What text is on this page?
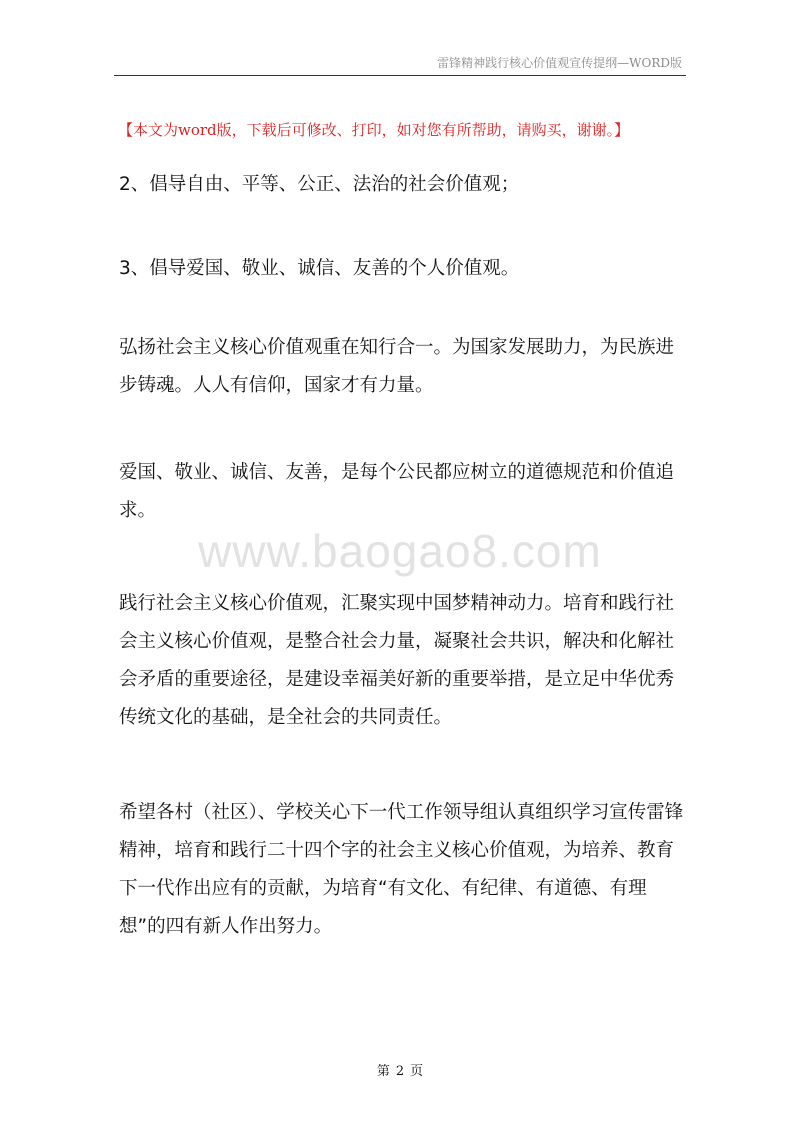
雷锋精神践行核心价值观宣传提纲—WORD版
【本文为word版，下载后可修改、打印，如对您有所帮助，请购买，谢谢。】

2、倡导自由、平等、公正、法治的社会价值观；

3、倡导爱国、敬业、诚信、友善的个人价值观。

弘扬社会主义核心价值观重在知行合一。为国家发展助力，为民族进步铸魂。人人有信仰，国家才有力量。

爱国、敬业、诚信、友善，是每个公民都应树立的道德规范和价值追求。

www.baogao8.com

践行社会主义核心价值观，汇聚实现中国梦精神动力。培育和践行社会主义核心价值观，是整合社会力量，凝聚社会共识，解决和化解社会矛盾的重要途径，是建设幸福美好新的重要举措，是立足中华优秀传统文化的基础，是全社会的共同责任。

希望各村（社区）、学校关心下一代工作领导组认真组织学习宣传雷锋精神，培育和践行二十四个字的社会主义核心价值观，为培养、教育下一代作出应有的贡献，为培育“有文化、有纪律、有道德、有理想”的四有新人作出努力。

第 2 页
